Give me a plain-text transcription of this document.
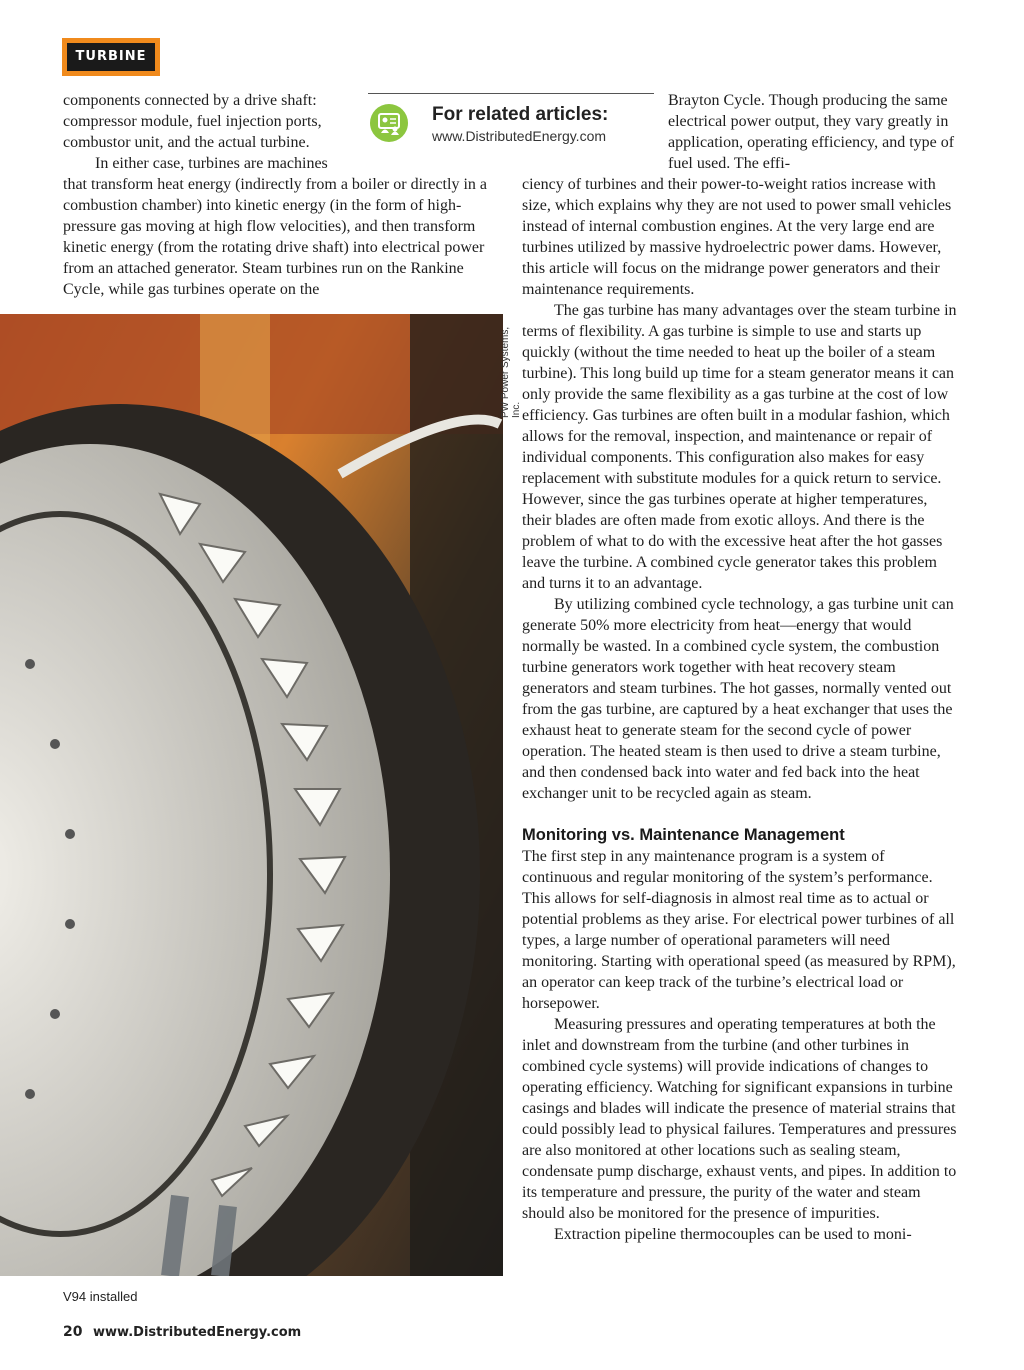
TURBINE

components connected by a drive shaft: compressor module, fuel injection ports, combustor unit, and the actual turbine.

In either case, turbines are machines

For related articles:
www.DistributedEnergy.com

Brayton Cycle. Though producing the same electrical power output, they vary greatly in application, operating efficiency, and type of fuel used. The effi-

that transform heat energy (indirectly from a boiler or directly in a combustion chamber) into kinetic energy (in the form of high-pressure gas moving at high flow velocities), and then transform kinetic energy (from the rotating drive shaft) into electrical power from an attached generator. Steam turbines run on the Rankine Cycle, while gas turbines operate on the

ciency of turbines and their power-to-weight ratios increase with size, which explains why they are not used to power small vehicles instead of internal combustion engines. At the very large end are turbines utilized by massive hydroelectric power dams. However, this article will focus on the midrange power generators and their maintenance requirements.

The gas turbine has many advantages over the steam turbine in terms of flexibility. A gas turbine is simple to use and starts up quickly (without the time needed to heat up the boiler of a steam turbine). This long build up time for a steam generator means it can only provide the same flexibility as a gas turbine at the cost of low efficiency. Gas turbines are often built in a modular fashion, which allows for the removal, inspection, and maintenance or repair of individual components. This configuration also makes for easy replacement with substitute modules for a quick return to service. However, since the gas turbines operate at higher temperatures, their blades are often made from exotic alloys. And there is the problem of what to do with the excessive heat after the hot gasses leave the turbine. A combined cycle generator takes this problem and turns it to an advantage.

By utilizing combined cycle technology, a gas turbine unit can generate 50% more electricity from heat—energy that would normally be wasted. In a combined cycle system, the combustion turbine generators work together with heat recovery steam generators and steam turbines. The hot gasses, normally vented out from the gas turbine, are captured by a heat exchanger that uses the exhaust heat to generate steam for the second cycle of power operation. The heated steam is then used to drive a steam turbine, and then condensed back into water and fed back into the heat exchanger unit to be recycled again as steam.

Monitoring vs. Maintenance Management

The first step in any maintenance program is a system of continuous and regular monitoring of the system’s performance. This allows for self-diagnosis in almost real time as to actual or potential problems as they arise. For electrical power turbines of all types, a large number of operational parameters will need monitoring. Starting with operational speed (as measured by RPM), an operator can keep track of the turbine’s electrical load or horsepower.

Measuring pressures and operating temperatures at both the inlet and downstream from the turbine (and other turbines in combined cycle systems) will provide indications of changes to operating efficiency. Watching for significant expansions in turbine casings and blades will indicate the presence of material strains that could possibly lead to physical failures. Temperatures and pressures are also monitored at other locations such as sealing steam, condensate pump discharge, exhaust vents, and pipes. In addition to its temperature and pressure, the purity of the water and steam should also be monitored for the presence of impurities.

Extraction pipeline thermocouples can be used to moni-

PW Power Systems, Inc.
V94 installed
20 www.DistributedEnergy.com
